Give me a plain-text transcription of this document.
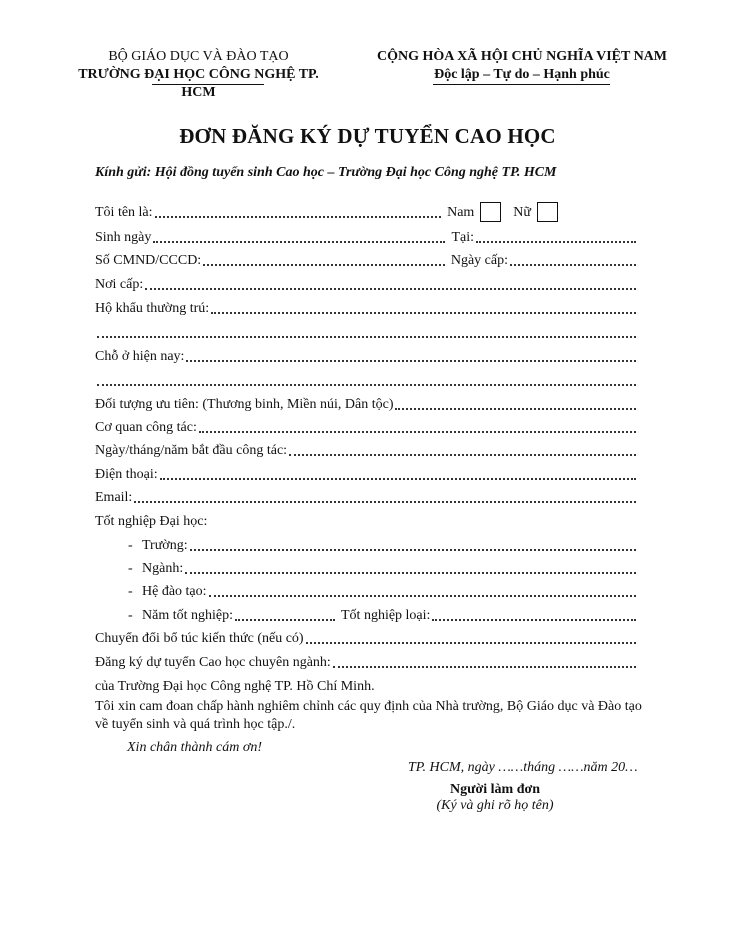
BỘ GIÁO DỤC VÀ ĐÀO TẠO
TRƯỜNG ĐẠI HỌC CÔNG NGHỆ TP. HCM
CỘNG HÒA XÃ HỘI CHỦ NGHĨA VIỆT NAM
Độc lập – Tự do – Hạnh phúc
ĐƠN ĐĂNG KÝ DỰ TUYỂN CAO HỌC
Kính gửi: Hội đồng tuyển sinh Cao học – Trường Đại học Công nghệ TP. HCM
Tôi tên là:	Nam	Nữ
Sinh ngày	Tại:
Số CMND/CCCD:	Ngày cấp:
Nơi cấp:
Hộ khẩu thường trú:
Chỗ ở hiện nay:
Đối tượng ưu tiên: (Thương binh, Miền núi, Dân tộc)
Cơ quan công tác:
Ngày/tháng/năm bắt đầu công tác:
Điện thoại:
Email:
Tốt nghiệp Đại học:
- Trường:
- Ngành:
- Hệ đào tạo:
- Năm tốt nghiệp:	Tốt nghiệp loại:
Chuyển đổi bổ túc kiến thức (nếu có)
Đăng ký dự tuyển Cao học chuyên ngành:
của Trường Đại học Công nghệ TP. Hồ Chí Minh.
Tôi xin cam đoan chấp hành nghiêm chỉnh các quy định của Nhà trường, Bộ Giáo dục và Đào tạo về tuyển sinh và quá trình học tập./.
Xin chân thành cám ơn!
TP. HCM, ngày ……tháng ……năm 20…
Người làm đơn
(Ký và ghi rõ họ tên)
